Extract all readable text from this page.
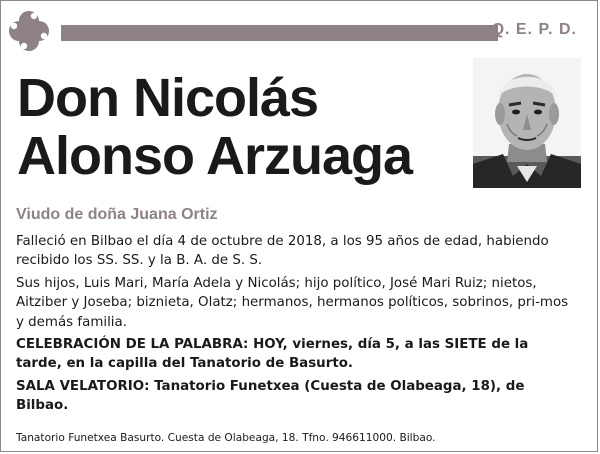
Q. E. P. D.
Don Nicolás
Alonso Arzuaga
Viudo de doña Juana Ortiz

Falleció en Bilbao el día 4 de octubre de 2018, a los 95 años de edad, habiendo recibido los SS. SS. y la B. A. de S. S.

Sus hijos, Luis Mari, María Adela y Nicolás; hijo político, José Mari Ruiz; nietos, Aitziber y Joseba; biznieta, Olatz; hermanos, hermanos políticos, sobrinos, pri-mos y demás familia.

CELEBRACIÓN DE LA PALABRA: HOY, viernes, día 5, a las SIETE de la tarde, en la capilla del Tanatorio de Basurto.

SALA VELATORIO: Tanatorio Funetxea (Cuesta de Olabeaga, 18), de Bilbao.

Tanatorio Funetxea Basurto. Cuesta de Olabeaga, 18. Tfno. 946611000. Bilbao.
